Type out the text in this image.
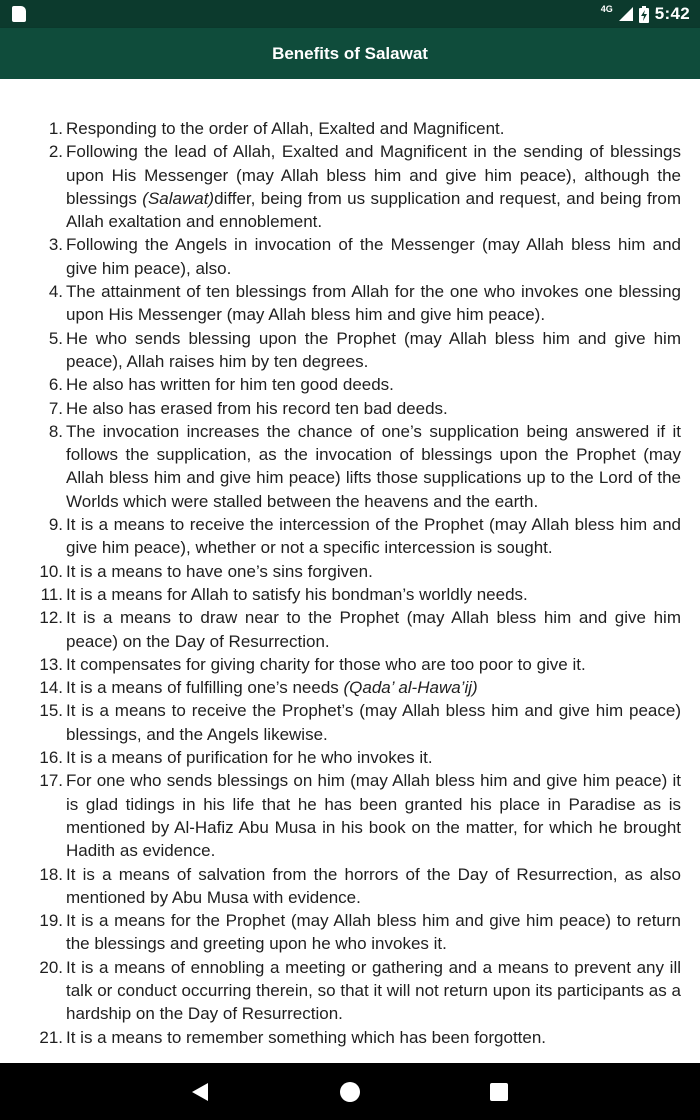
4G 5:42
Benefits of Salawat
1. Responding to the order of Allah, Exalted and Magnificent.
2. Following the lead of Allah, Exalted and Magnificent in the sending of blessings upon His Messenger (may Allah bless him and give him peace), although the blessings (Salawat)differ, being from us supplication and request, and being from Allah exaltation and ennoblement.
3. Following the Angels in invocation of the Messenger (may Allah bless him and give him peace), also.
4. The attainment of ten blessings from Allah for the one who invokes one blessing upon His Messenger (may Allah bless him and give him peace).
5. He who sends blessing upon the Prophet (may Allah bless him and give him peace), Allah raises him by ten degrees.
6. He also has written for him ten good deeds.
7. He also has erased from his record ten bad deeds.
8. The invocation increases the chance of one’s supplication being answered if it follows the supplication, as the invocation of blessings upon the Prophet (may Allah bless him and give him peace) lifts those supplications up to the Lord of the Worlds which were stalled between the heavens and the earth.
9. It is a means to receive the intercession of the Prophet (may Allah bless him and give him peace), whether or not a specific intercession is sought.
10. It is a means to have one’s sins forgiven.
11. It is a means for Allah to satisfy his bondman’s worldly needs.
12. It is a means to draw near to the Prophet (may Allah bless him and give him peace) on the Day of Resurrection.
13. It compensates for giving charity for those who are too poor to give it.
14. It is a means of fulfilling one’s needs (Qada’ al-Hawa’ij)
15. It is a means to receive the Prophet’s (may Allah bless him and give him peace) blessings, and the Angels likewise.
16. It is a means of purification for he who invokes it.
17. For one who sends blessings on him (may Allah bless him and give him peace) it is glad tidings in his life that he has been granted his place in Paradise as is mentioned by Al-Hafiz Abu Musa in his book on the matter, for which he brought Hadith as evidence.
18. It is a means of salvation from the horrors of the Day of Resurrection, as also mentioned by Abu Musa with evidence.
19. It is a means for the Prophet (may Allah bless him and give him peace) to return the blessings and greeting upon he who invokes it.
20. It is a means of ennobling a meeting or gathering and a means to prevent any ill talk or conduct occurring therein, so that it will not return upon its participants as a hardship on the Day of Resurrection.
21. It is a means to remember something which has been forgotten.
